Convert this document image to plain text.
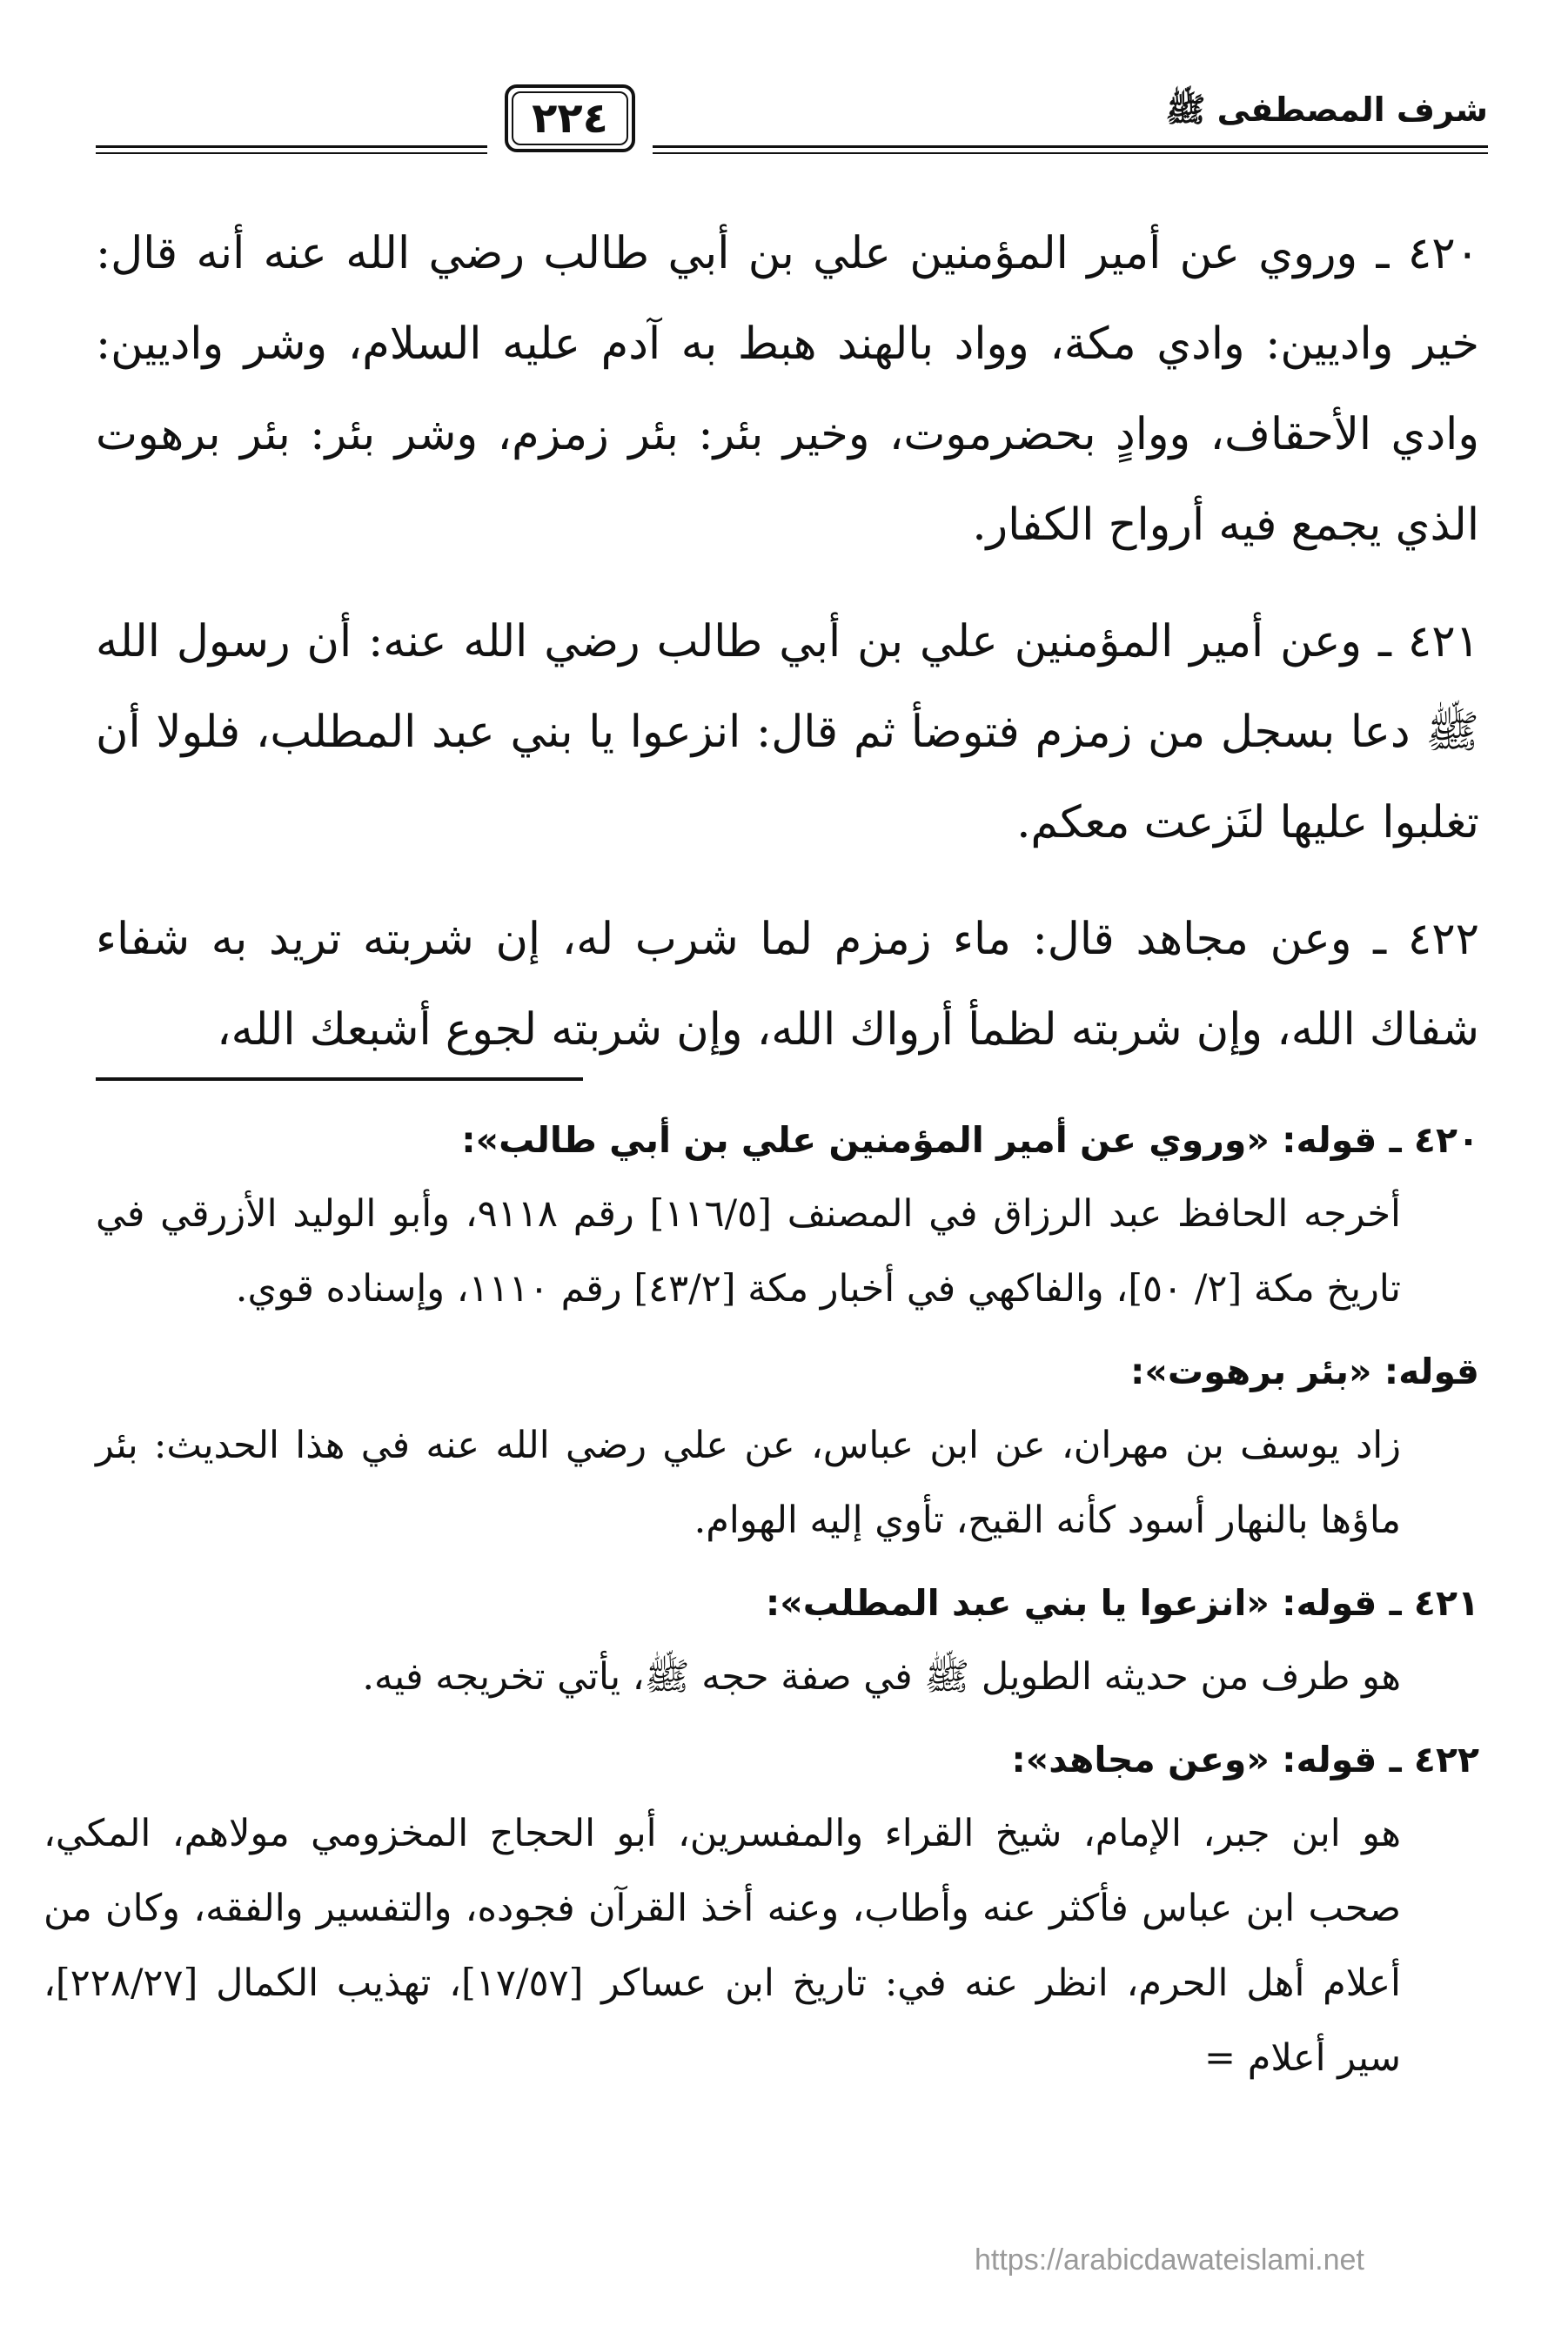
شرف المصطفى ﷺ
٢٢٤

٤٢٠ ـ وروي عن أمير المؤمنين علي بن أبي طالب رضي الله عنه أنه قال: خير واديين: وادي مكة، وواد بالهند هبط به آدم عليه السلام، وشر واديين: وادي الأحقاف، ووادٍ بحضرموت، وخير بئر: بئر زمزم، وشر بئر: بئر برهوت الذي يجمع فيه أرواح الكفار.

٤٢١ ـ وعن أمير المؤمنين علي بن أبي طالب رضي الله عنه: أن رسول الله ﷺ دعا بسجل من زمزم فتوضأ ثم قال: انزعوا يا بني عبد المطلب، فلولا أن تغلبوا عليها لنَزعت معكم.

٤٢٢ ـ وعن مجاهد قال: ماء زمزم لما شرب له، إن شربته تريد به شفاء شفاك الله، وإن شربته لظمأ أرواك الله، وإن شربته لجوع أشبعك الله،

٤٢٠ ـ قوله: «وروي عن أمير المؤمنين علي بن أبي طالب»:

أخرجه الحافظ عبد الرزاق في المصنف [١١٦/٥] رقم ٩١١٨، وأبو الوليد الأزرقي في تاريخ مكة [٢/ ٥٠]، والفاكهي في أخبار مكة [٤٣/٢] رقم ١١١٠، وإسناده قوي.

قوله: «بئر برهوت»:

زاد يوسف بن مهران، عن ابن عباس، عن علي رضي الله عنه في هذا الحديث: بئر ماؤها بالنهار أسود كأنه القيح، تأوي إليه الهوام.

٤٢١ ـ قوله: «انزعوا يا بني عبد المطلب»:

هو طرف من حديثه الطويل ﷺ في صفة حجه ﷺ، يأتي تخريجه فيه.

٤٢٢ ـ قوله: «وعن مجاهد»:

هو ابن جبر، الإمام، شيخ القراء والمفسرين، أبو الحجاج المخزومي مولاهم، المكي، صحب ابن عباس فأكثر عنه وأطاب، وعنه أخذ القرآن فجوده، والتفسير والفقه، وكان من أعلام أهل الحرم، انظر عنه في: تاريخ ابن عساكر [١٧/٥٧]، تهذيب الكمال [٢٢٨/٢٧]، سير أعلام =

https://arabicdawateislami.net
